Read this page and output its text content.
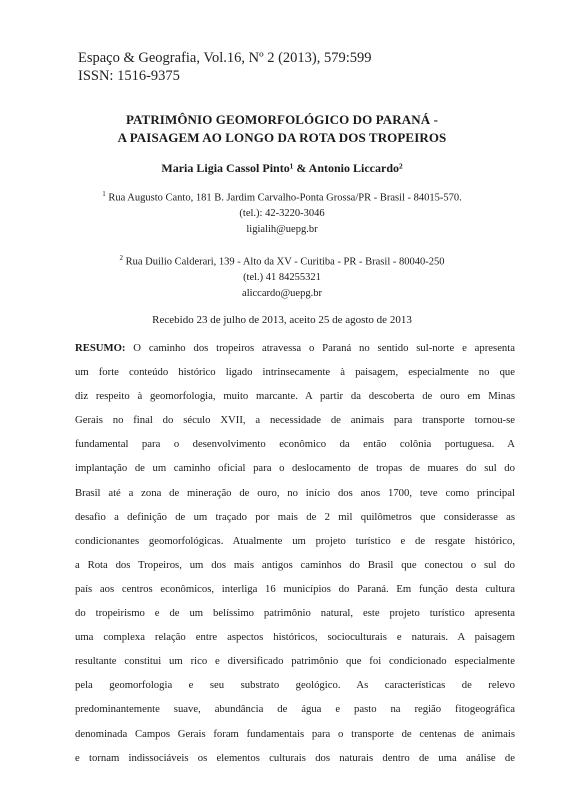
Espaço & Geografia, Vol.16, Nº 2 (2013), 579:599
ISSN: 1516-9375
PATRIMÔNIO GEOMORFOLÓGICO DO PARANÁ -
A PAISAGEM AO LONGO DA ROTA DOS TROPEIROS
Maria Ligia Cassol Pinto¹ & Antonio Liccardo²
$^1$ Rua Augusto Canto, 181 B. Jardim Carvalho-Ponta Grossa/PR - Brasil - 84015-570.
(tel.): 42-3220-3046
ligialih@uepg.br
$^2$ Rua Duilio Calderari, 139 - Alto da XV - Curitiba - PR - Brasil - 80040-250
(tel.) 41 84255321
aliccardo@uepg.br
Recebido 23 de julho de 2013, aceito 25 de agosto de 2013
RESUMO: O caminho dos tropeiros atravessa o Paraná no sentido sul-norte e apresenta
um forte conteúdo histórico ligado intrinsecamente à paisagem, especialmente no que
diz respeito à geomorfologia, muito marcante. A partir da descoberta de ouro em Minas
Gerais no final do século XVII, a necessidade de animais para transporte tornou-se
fundamental para o desenvolvimento econômico da então colônia portuguesa. A
implantação de um caminho oficial para o deslocamento de tropas de muares do sul do
Brasil até a zona de mineração de ouro, no início dos anos 1700, teve como principal
desafio a definição de um traçado por mais de 2 mil quilômetros que considerasse as
condicionantes geomorfológicas. Atualmente um projeto turístico e de resgate histórico,
a Rota dos Tropeiros, um dos mais antigos caminhos do Brasil que conectou o sul do
país aos centros econômicos, interliga 16 municípios do Paraná. Em função desta cultura
do tropeirismo e de um belíssimo patrimônio natural, este projeto turístico apresenta
uma complexa relação entre aspectos históricos, socioculturais e naturais. A paisagem
resultante constitui um rico e diversificado patrimônio que foi condicionado especialmente
pela geomorfologia e seu substrato geológico. As características de relevo
predominantemente suave, abundância de água e pasto na região fitogeográfica
denominada Campos Gerais foram fundamentais para o transporte de centenas de animais
e tornam indissociáveis os elementos culturais dos naturais dentro de uma análise de
